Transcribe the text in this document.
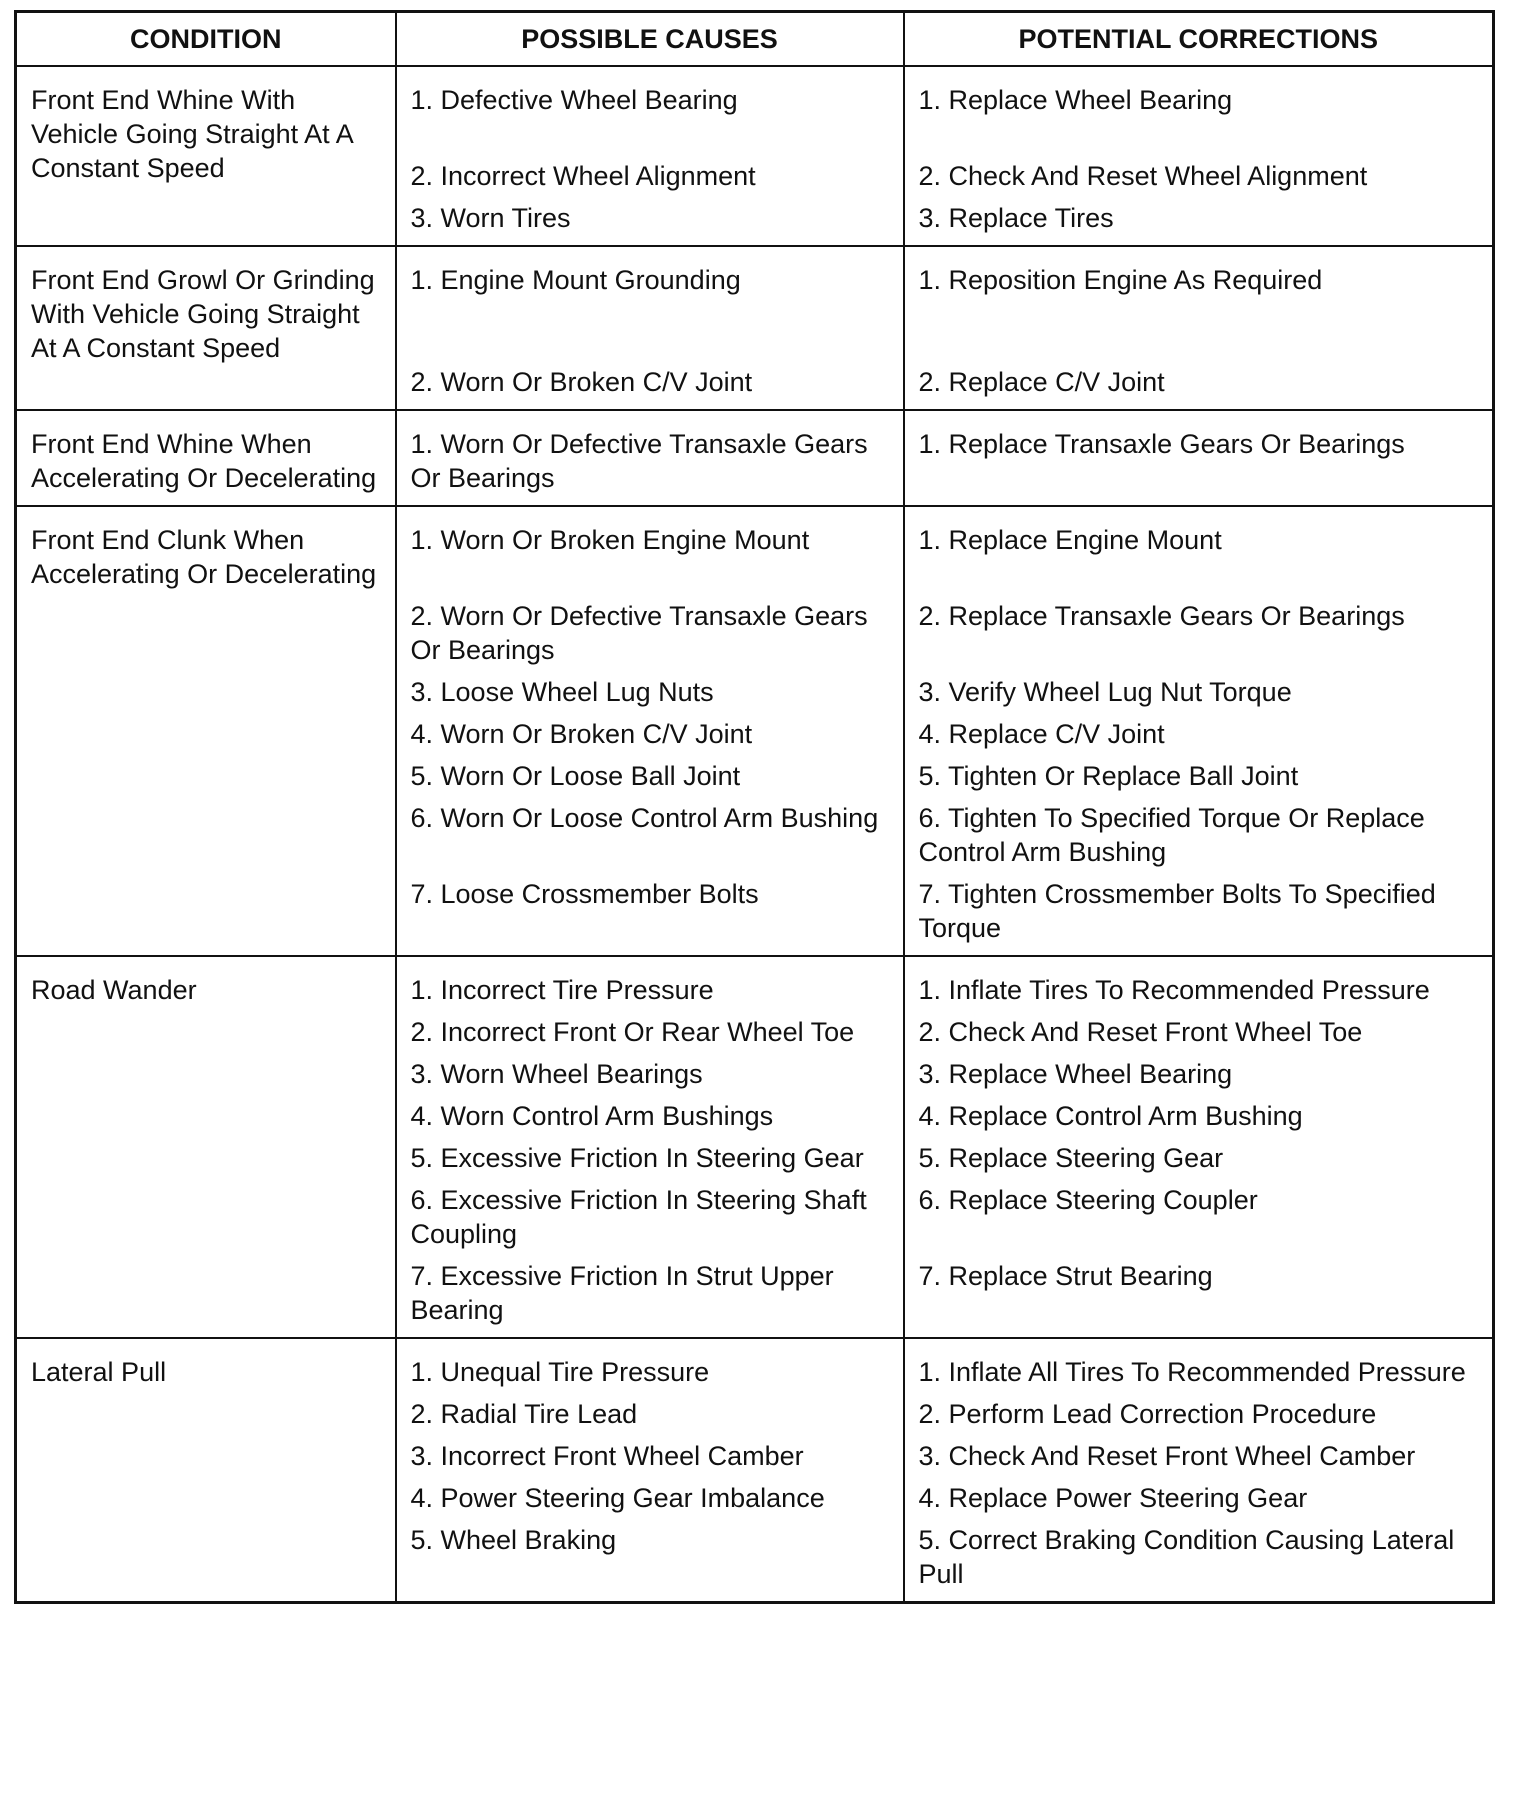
CONDITION	POSSIBLE CAUSES	POTENTIAL CORRECTIONS
Front End Whine With Vehicle Going Straight At A Constant Speed	1. Defective Wheel Bearing	1. Replace Wheel Bearing
	2. Incorrect Wheel Alignment	2. Check And Reset Wheel Alignment
	3. Worn Tires	3. Replace Tires
Front End Growl Or Grinding With Vehicle Going Straight At A Constant Speed	1. Engine Mount Grounding	1. Reposition Engine As Required
	2. Worn Or Broken C/V Joint	2. Replace C/V Joint
Front End Whine When Accelerating Or Decelerating	1. Worn Or Defective Transaxle Gears Or Bearings	1. Replace Transaxle Gears Or Bearings
Front End Clunk When Accelerating Or Decelerating	1. Worn Or Broken Engine Mount	1. Replace Engine Mount
	2. Worn Or Defective Transaxle Gears Or Bearings	2. Replace Transaxle Gears Or Bearings
	3. Loose Wheel Lug Nuts	3. Verify Wheel Lug Nut Torque
	4. Worn Or Broken C/V Joint	4. Replace C/V Joint
	5. Worn Or Loose Ball Joint	5. Tighten Or Replace Ball Joint
	6. Worn Or Loose Control Arm Bushing	6. Tighten To Specified Torque Or Replace Control Arm Bushing
	7. Loose Crossmember Bolts	7. Tighten Crossmember Bolts To Specified Torque
Road Wander	1. Incorrect Tire Pressure	1. Inflate Tires To Recommended Pressure
	2. Incorrect Front Or Rear Wheel Toe	2. Check And Reset Front Wheel Toe
	3. Worn Wheel Bearings	3. Replace Wheel Bearing
	4. Worn Control Arm Bushings	4. Replace Control Arm Bushing
	5. Excessive Friction In Steering Gear	5. Replace Steering Gear
	6. Excessive Friction In Steering Shaft Coupling	6. Replace Steering Coupler
	7. Excessive Friction In Strut Upper Bearing	7. Replace Strut Bearing
Lateral Pull	1. Unequal Tire Pressure	1. Inflate All Tires To Recommended Pressure
	2. Radial Tire Lead	2. Perform Lead Correction Procedure
	3. Incorrect Front Wheel Camber	3. Check And Reset Front Wheel Camber
	4. Power Steering Gear Imbalance	4. Replace Power Steering Gear
	5. Wheel Braking	5. Correct Braking Condition Causing Lateral Pull
